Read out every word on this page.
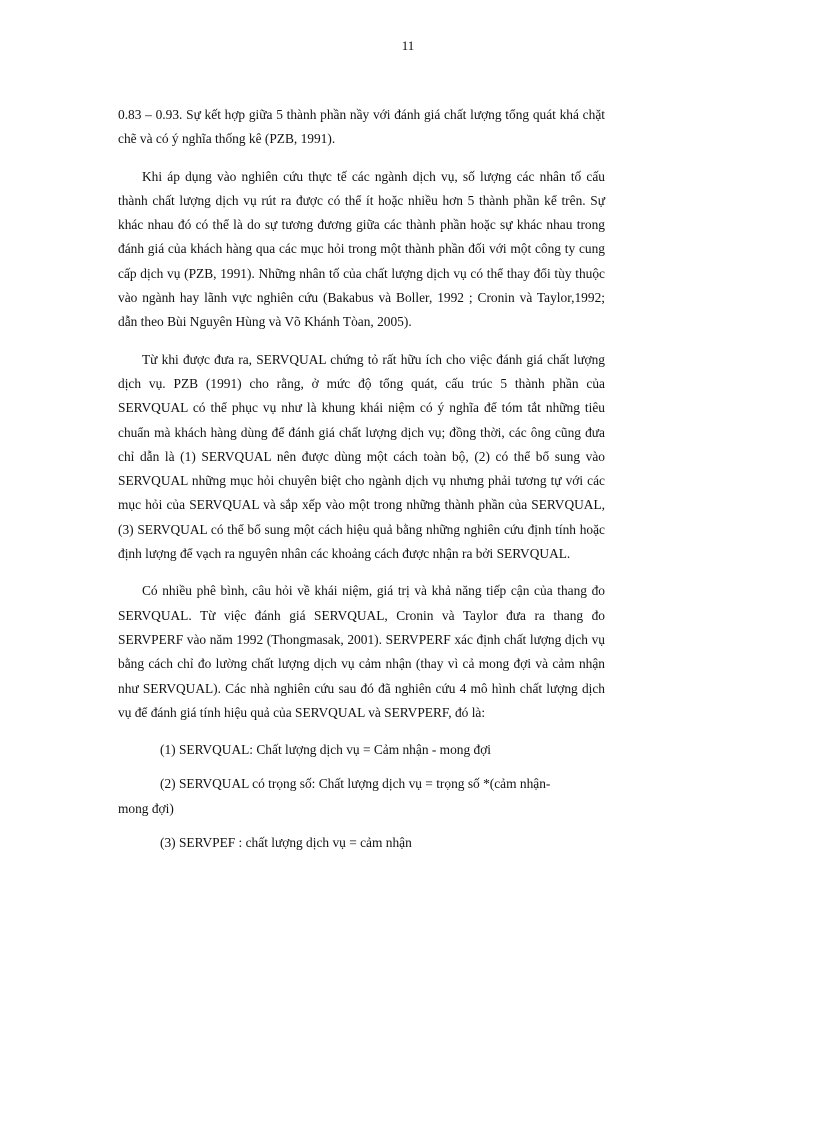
11

0.83 – 0.93. Sự kết hợp giữa 5 thành phần nầy với đánh giá chất lượng tổng quát khá chặt chẽ và có ý nghĩa thống kê (PZB, 1991).

Khi áp dụng vào nghiên cứu thực tế các ngành dịch vụ, số lượng các nhân tố cấu thành chất lượng dịch vụ rút ra được có thể ít hoặc nhiều hơn 5 thành phần kể trên. Sự khác nhau đó có thể là do sự tương đương giữa các thành phần hoặc sự khác nhau trong đánh giá của khách hàng qua các mục hỏi trong một thành phần đối với một công ty cung cấp dịch vụ (PZB, 1991). Những nhân tố của chất lượng dịch vụ có thể thay đổi tùy thuộc vào ngành hay lãnh vực nghiên cứu (Bakabus và Boller, 1992 ; Cronin và Taylor,1992; dẫn theo Bùi Nguyên Hùng và Võ Khánh Tòan, 2005).

Từ khi được đưa ra, SERVQUAL chứng tỏ rất hữu ích cho việc đánh giá chất lượng dịch vụ. PZB (1991) cho rằng, ở mức độ tổng quát, cấu trúc 5 thành phần của SERVQUAL có thể phục vụ như là khung khái niệm có ý nghĩa để tóm tắt những tiêu chuẩn mà khách hàng dùng để đánh giá chất lượng dịch vụ; đồng thời, các ông cũng đưa chỉ dẫn là (1) SERVQUAL nên được dùng một cách toàn bộ, (2) có thể bổ sung vào SERVQUAL những mục hỏi chuyên biệt cho ngành dịch vụ nhưng phải tương tự với các mục hỏi của SERVQUAL và sắp xếp vào một trong những thành phần của SERVQUAL, (3) SERVQUAL có thể bổ sung một cách hiệu quả bằng những nghiên cứu định tính hoặc định lượng để vạch ra nguyên nhân các khoảng cách được nhận ra bởi SERVQUAL.

Có nhiều phê bình, câu hỏi về khái niệm, giá trị và khả năng tiếp cận của thang đo SERVQUAL. Từ việc đánh giá SERVQUAL, Cronin và Taylor đưa ra thang đo SERVPERF vào năm 1992 (Thongmasak, 2001). SERVPERF xác định chất lượng dịch vụ bằng cách chỉ đo lường chất lượng dịch vụ cảm nhận (thay vì cả mong đợi và cảm nhận như SERVQUAL). Các nhà nghiên cứu sau đó đã nghiên cứu 4 mô hình chất lượng dịch vụ để đánh giá tính hiệu quả của SERVQUAL và SERVPERF, đó là:

(1) SERVQUAL: Chất lượng dịch vụ = Cảm nhận - mong đợi

(2) SERVQUAL có trọng số: Chất lượng dịch vụ = trọng số *(cảm nhận-

mong đợi)

(3) SERVPEF : chất lượng dịch vụ = cảm nhận
